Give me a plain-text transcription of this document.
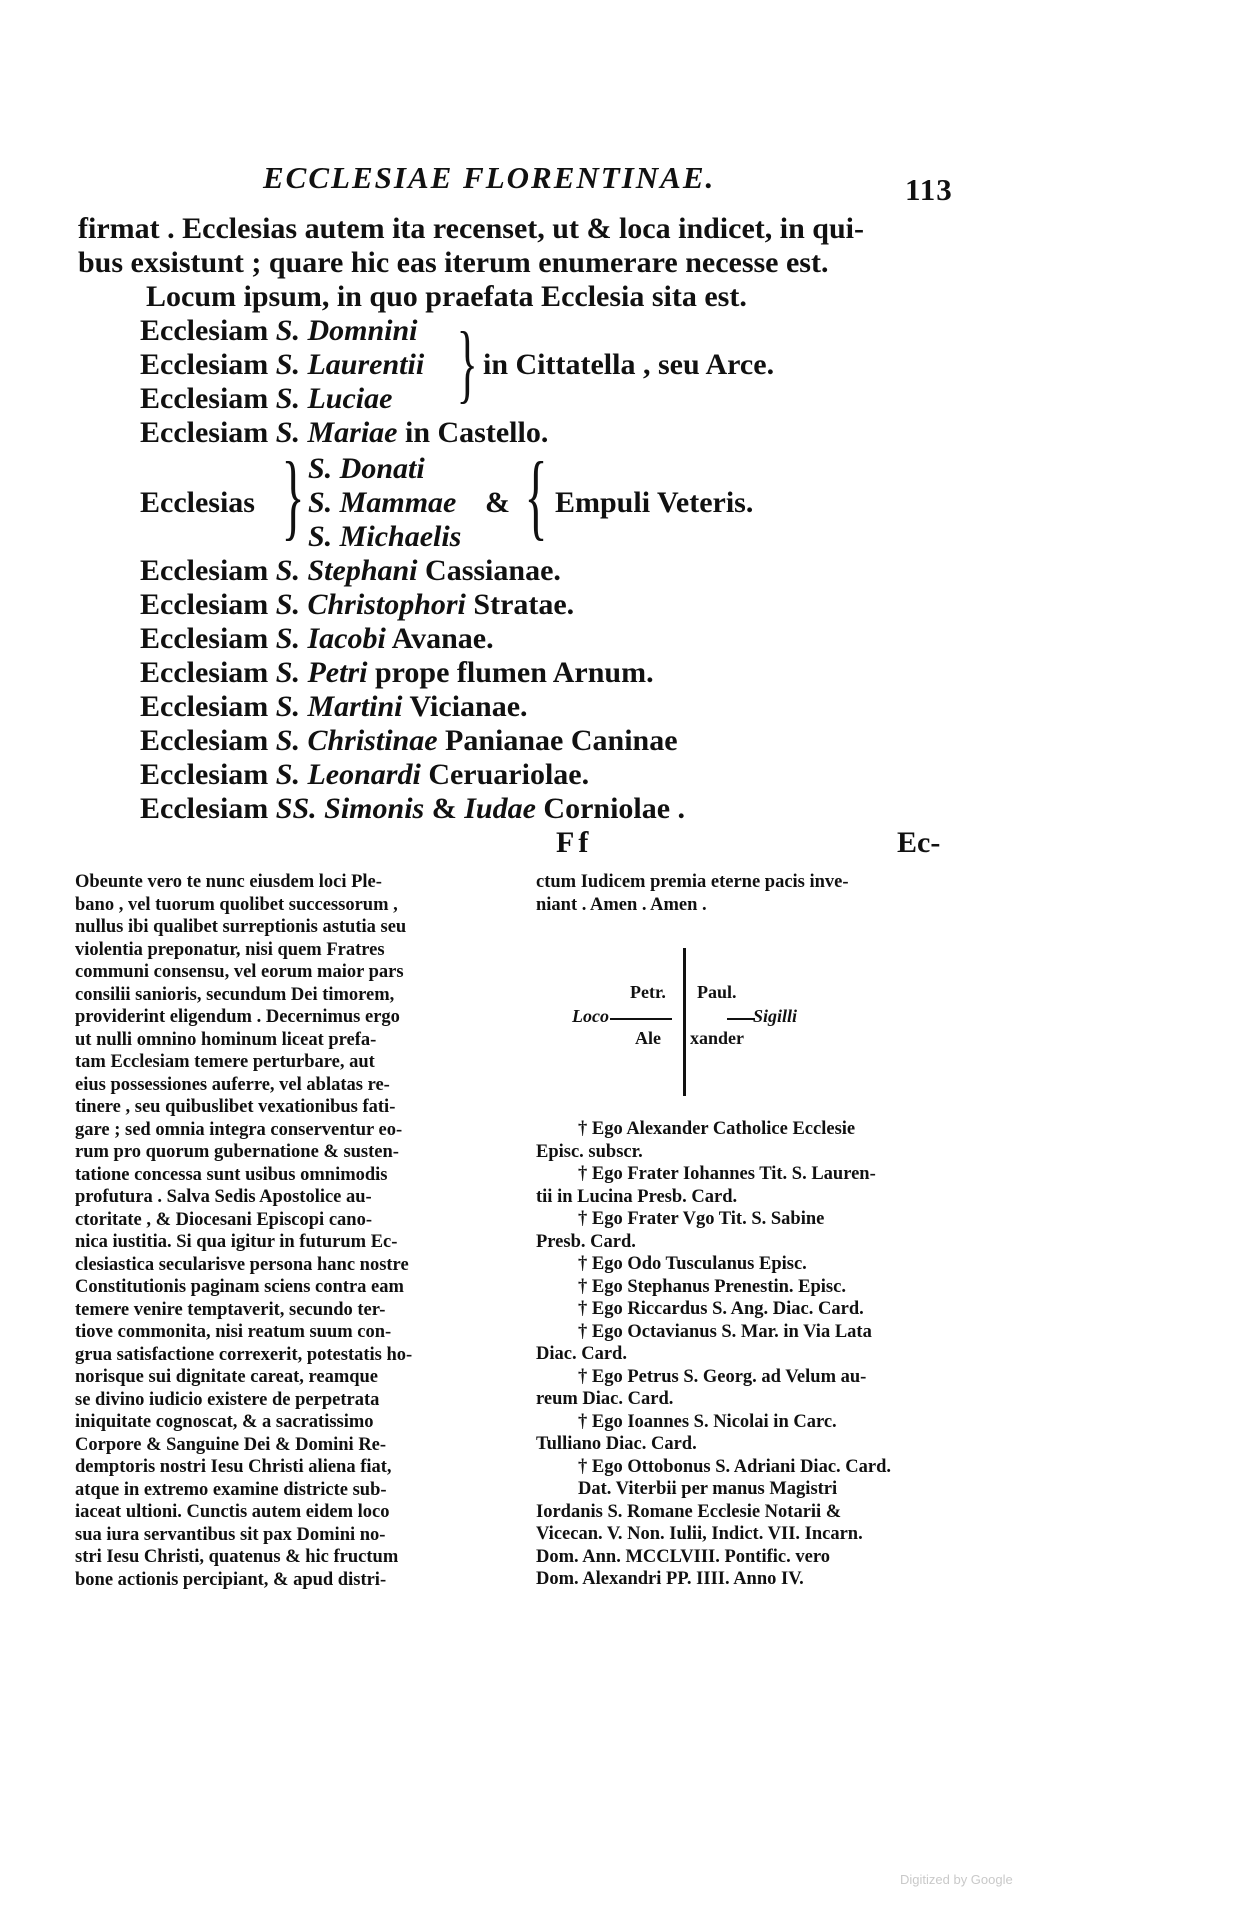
ECCLESIAE FLORENTINAE.	113
firmat . Ecclesias autem ita recenset, ut & loca indicet, in qui-
bus exsistunt ; quare hic eas iterum enumerare necesse est.
Locum ipsum, in quo praefata Ecclesia sita est.
Ecclesiam S. Domnini
Ecclesiam S. Laurentii
Ecclesiam S. Luciae } in Cittatella , seu Arce.
Ecclesiam S. Mariae in Castello.
Ecclesias } S. Donati
S. Mammae &
S. Michaelis { Empuli Veteris.
Ecclesiam S. Stephani Cassianae.
Ecclesiam S. Christophori Stratae.
Ecclesiam S. Iacobi Avanae.
Ecclesiam S. Petri prope flumen Arnum.
Ecclesiam S. Martini Vicianae.
Ecclesiam S. Christinae Panianae Caninae
Ecclesiam S. Leonardi Ceruariolae.
Ecclesiam SS. Simonis & Iudae Corniolae .
Ff	Ec-
Obeunte vero te nunc eiusdem loci Ple-
bano , vel tuorum quolibet successorum ,
nullus ibi qualibet surreptionis astutia seu
violentia preponatur, nisi quem Fratres
communi consensu, vel eorum maior pars
consilii sanioris, secundum Dei timorem,
providerint eligendum . Decernimus ergo
ut nulli omnino hominum liceat prefa-
tam Ecclesiam temere perturbare, aut
eius possessiones auferre, vel ablatas re-
tinere , seu quibuslibet vexationibus fati-
gare ; sed omnia integra conserventur eo-
rum pro quorum gubernatione & susten-
tatione concessa sunt usibus omnimodis
profutura . Salva Sedis Apostolice au-
ctoritate , & Diocesani Episcopi cano-
nica iustitia. Si qua igitur in futurum Ec-
clesiastica secularisve persona hanc nostre
Constitutionis paginam sciens contra eam
temere venire temptaverit, secundo ter-
tiove commonita, nisi reatum suum con-
grua satisfactione correxerit, potestatis ho-
norisque sui dignitate careat, reamque
se divino iudicio existere de perpetrata
iniquitate cognoscat, & a sacratissimo
Corpore & Sanguine Dei & Domini Re-
demptoris nostri Iesu Christi aliena fiat,
atque in extremo examine districte sub-
iaceat ultioni. Cunctis autem eidem loco
sua iura servantibus sit pax Domini no-
stri Iesu Christi, quatenus & hic fructum
bone actionis percipiant, & apud distri-
ctum Iudicem premia eterne pacis inve-
niant . Amen . Amen .
Petr. Paul.
Loco	Sigilli
Ale xander
† Ego Alexander Catholice Ecclesie
Episc. subscr.
† Ego Frater Iohannes Tit. S. Lauren-
tii in Lucina Presb. Card.
† Ego Frater Vgo Tit. S. Sabine
Presb. Card.
† Ego Odo Tusculanus Episc.
† Ego Stephanus Prenestin. Episc.
† Ego Riccardus S. Ang. Diac. Card.
† Ego Octavianus S. Mar. in Via Lata
Diac. Card.
† Ego Petrus S. Georg. ad Velum au-
reum Diac. Card.
† Ego Ioannes S. Nicolai in Carc.
Tulliano Diac. Card.
† Ego Ottobonus S. Adriani Diac. Card.
Dat. Viterbii per manus Magistri
Iordanis S. Romane Ecclesie Notarii &
Vicecan. V. Non. Iulii, Indict. VII. Incarn.
Dom. Ann. MCCLVIII. Pontific. vero
Dom. Alexandri PP. IIII. Anno IV.
Digitized by Google
